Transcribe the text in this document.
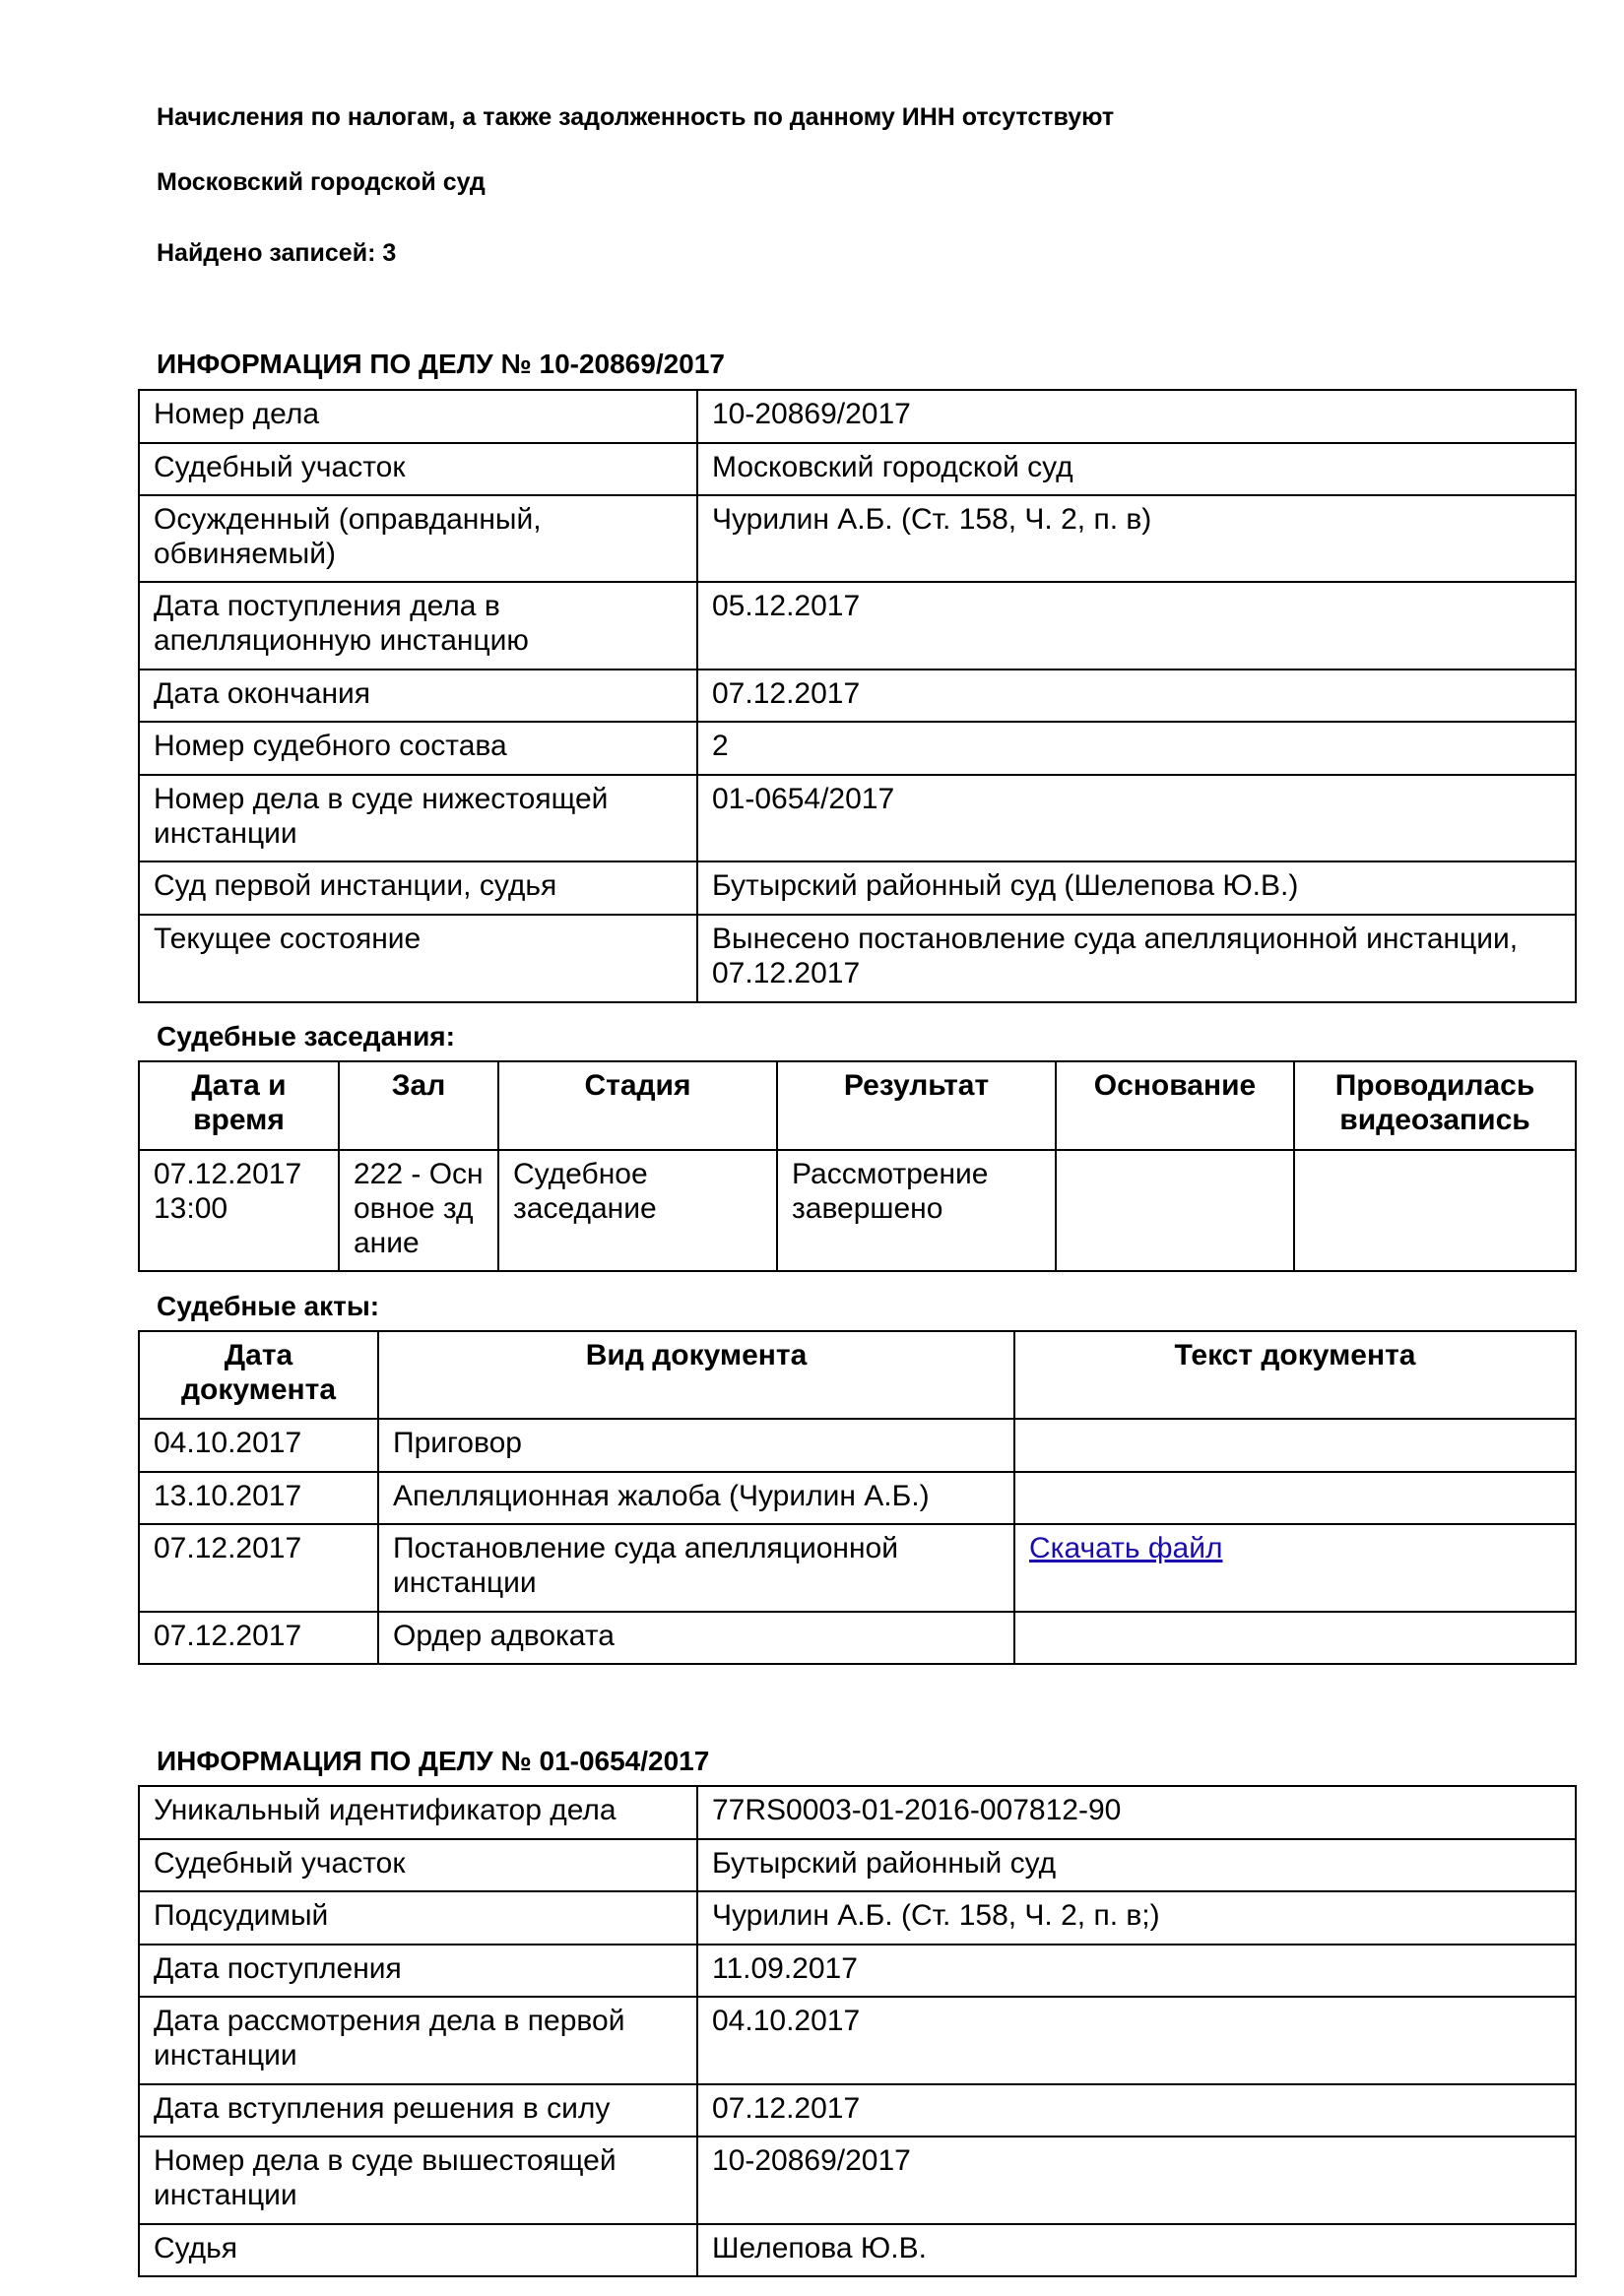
Начисления по налогам, а также задолженность по данному ИНН отсутствуют
Московский городской суд
Найдено записей: 3
ИНФОРМАЦИЯ ПО ДЕЛУ № 10-20869/2017
Номер дела	10-20869/2017
Судебный участок	Московский городской суд
Осужденный (оправданный, обвиняемый)	Чурилин А.Б. (Ст. 158, Ч. 2, п. в)
Дата поступления дела в апелляционную инстанцию	05.12.2017
Дата окончания	07.12.2017
Номер судебного состава	2
Номер дела в суде нижестоящей инстанции	01-0654/2017
Суд первой инстанции, судья	Бутырский районный суд (Шелепова Ю.В.)
Текущее состояние	Вынесено постановление суда апелляционной инстанции, 07.12.2017
Судебные заседания:
Дата и время	Зал	Стадия	Результат	Основание	Проводилась видеозапись
07.12.2017 13:00	222 - Основное здание	Судебное заседание	Рассмотрение завершено		
Судебные акты:
Дата документа	Вид документа	Текст документа
04.10.2017	Приговор	
13.10.2017	Апелляционная жалоба (Чурилин А.Б.)	
07.12.2017	Постановление суда апелляционной инстанции	Скачать файл
07.12.2017	Ордер адвоката	
ИНФОРМАЦИЯ ПО ДЕЛУ № 01-0654/2017
Уникальный идентификатор дела	77RS0003-01-2016-007812-90
Судебный участок	Бутырский районный суд
Подсудимый	Чурилин А.Б. (Ст. 158, Ч. 2, п. в;)
Дата поступления	11.09.2017
Дата рассмотрения дела в первой инстанции	04.10.2017
Дата вступления решения в силу	07.12.2017
Номер дела в суде вышестоящей инстанции	10-20869/2017
Судья	Шелепова Ю.В.
